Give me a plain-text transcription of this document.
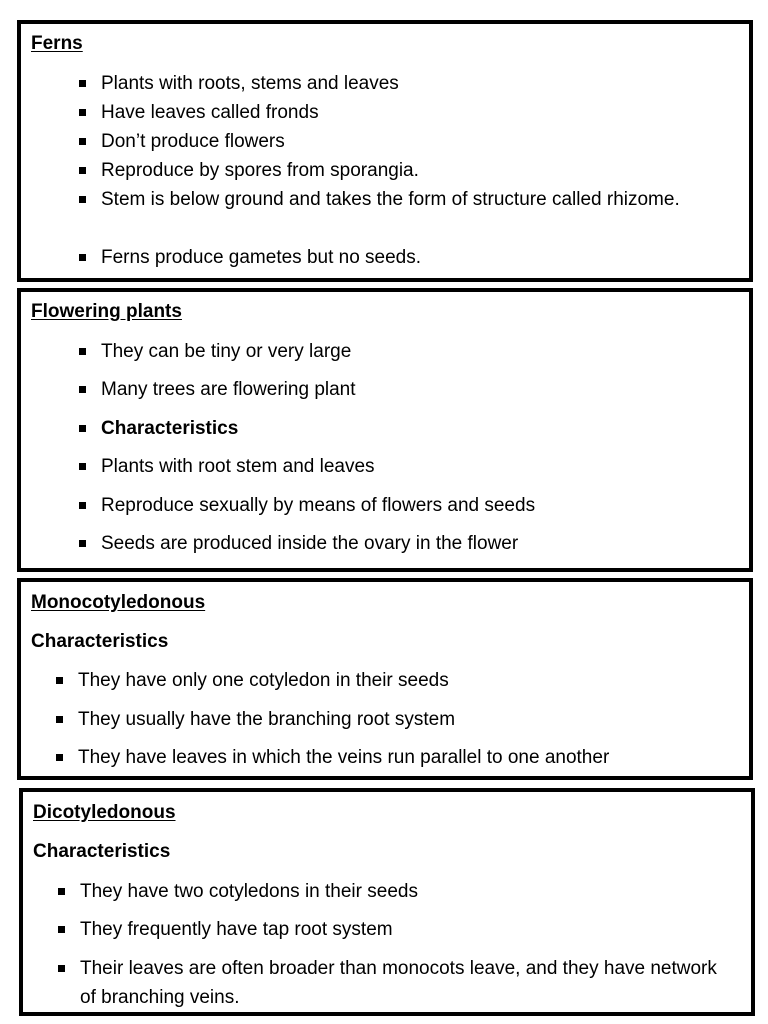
Ferns
Plants with roots, stems and leaves
Have leaves called fronds
Don’t produce flowers
Reproduce by spores from sporangia.
Stem is below ground and takes the form of structure called rhizome.
Ferns produce gametes but no seeds.
Flowering plants
They can be tiny or very large
Many trees are flowering plant
Characteristics
Plants with root stem and leaves
Reproduce sexually by means of flowers and seeds
Seeds are produced inside the ovary in the flower
Monocotyledonous
Characteristics
They have only one cotyledon in their seeds
They usually have the branching root system
They have leaves in which the veins run parallel to one another
Dicotyledonous
Characteristics
They have two cotyledons in their seeds
They frequently have tap root system
Their leaves are often broader than monocots leave, and they have network of branching veins.
